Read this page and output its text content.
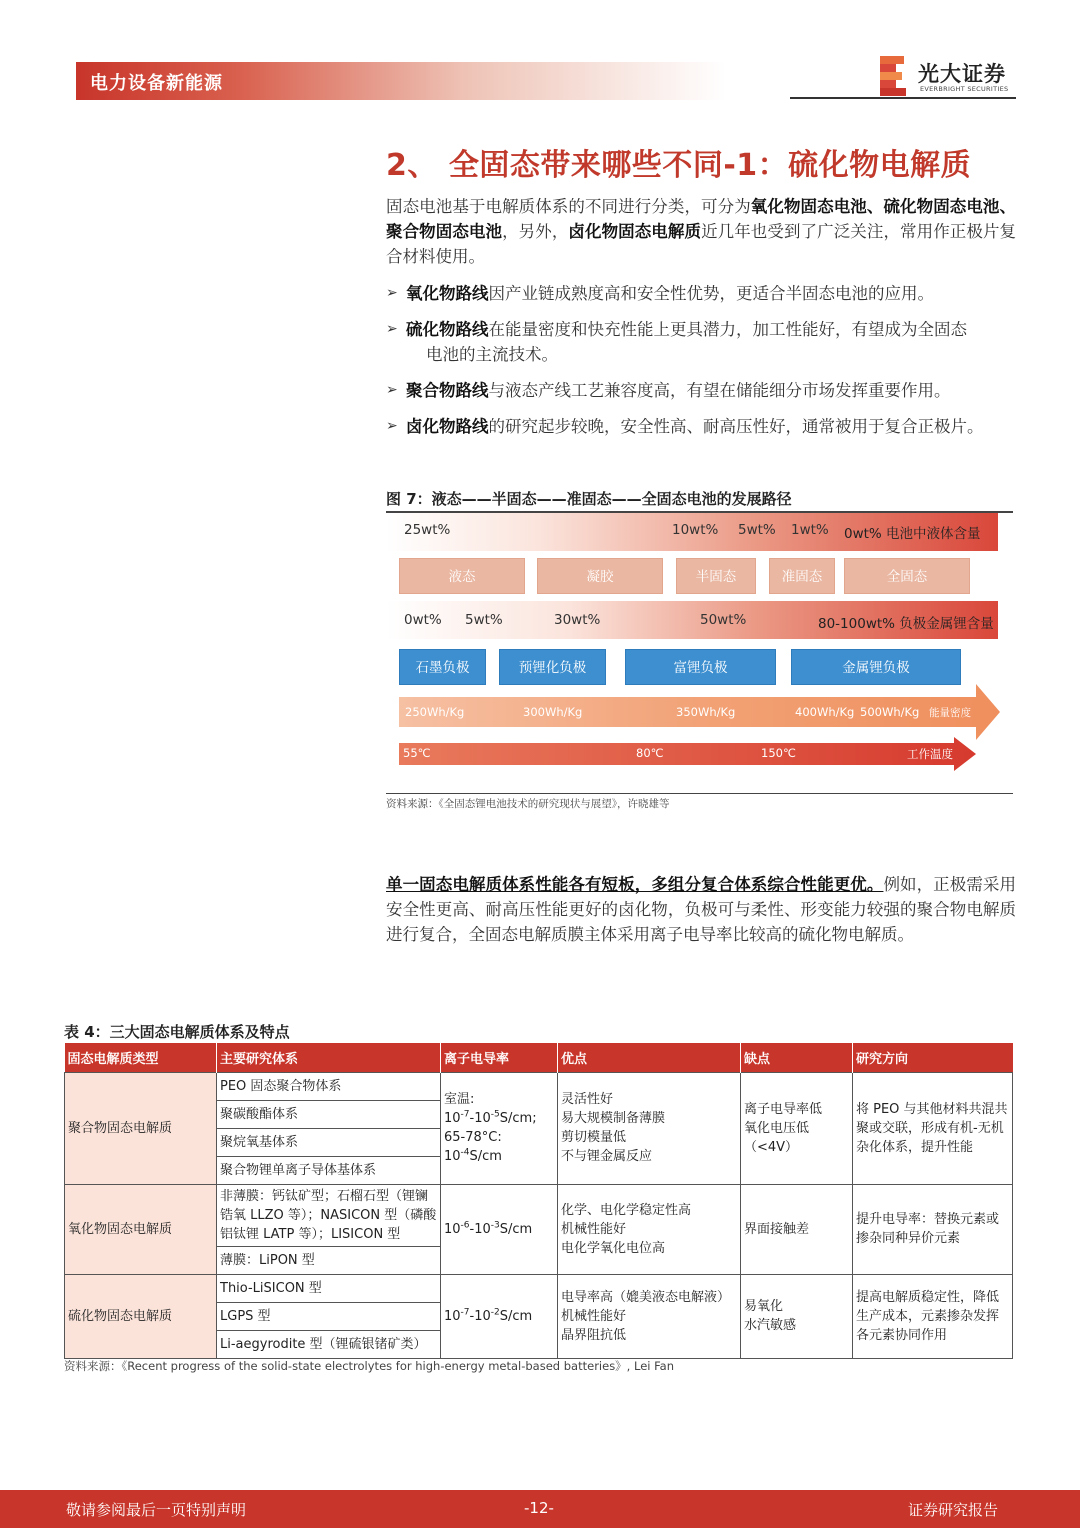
电力设备新能源	光大证券
EVERBRIGHT SECURITIES
2、 全固态带来哪些不同-1：硫化物电解质
固态电池基于电解质体系的不同进行分类，可分为氧化物固态电池、硫化物固态电池、聚合物固态电池，另外，卤化物固态电解质近几年也受到了广泛关注，常用作正极片复合材料使用。
➢ 氧化物路线因产业链成熟度高和安全性优势，更适合半固态电池的应用。
➢ 硫化物路线在能量密度和快充性能上更具潜力，加工性能好，有望成为全固态
电池的主流技术。
➢ 聚合物路线与液态产线工艺兼容度高，有望在储能细分市场发挥重要作用。
➢ 卤化物路线的研究起步较晚，安全性高、耐高压性好，通常被用于复合正极片。
图 7：液态——半固态——准固态——全固态电池的发展路径
25wt%	10wt% 5wt% 1wt% 0wt% 电池中液体含量
液态	凝胶	半固态	准固态	全固态
0wt% 5wt%	30wt%	50wt%	80-100wt% 负极金属锂含量
石墨负极	预锂化负极	富锂负极	金属锂负极
250Wh/Kg	300Wh/Kg	350Wh/Kg	400Wh/Kg 500Wh/Kg 能量密度
55℃	80℃	150℃	工作温度
资料来源：《全固态锂电池技术的研究现状与展望》，许晓雄等
单一固态电解质体系性能各有短板，多组分复合体系综合性能更优。例如，正极需采用安全性更高、耐高压性能更好的卤化物，负极可与柔性、形变能力较强的聚合物电解质进行复合，全固态电解质膜主体采用离子电导率比较高的硫化物电解质。
表 4：三大固态电解质体系及特点
固态电解质类型	主要研究体系	离子电导率	优点	缺点	研究方向
聚合物固态电解质	PEO 固态聚合物体系	室温:
$10^{-7}-10^{-5}S/cm$;
65-78°C:
$10^{-4}S/cm$	灵活性好
易大规模制备薄膜
剪切模量低
不与锂金属反应	离子电导率低
氧化电压低（<4V）	将 PEO 与其他材料共混共聚或交联，形成有机-无机杂化体系，提升性能
	聚碳酸酯体系				
	聚烷氧基体系				
	聚合物锂单离子导体基体系				
氧化物固态电解质	非薄膜：钙钛矿型；石榴石型（锂镧锆氧 LLZO 等）；NASICON 型（磷酸铝钛锂 LATP 等）；LISICON 型	$10^{-6}-10^{-3}S/cm$	化学、电化学稳定性高
机械性能好
电化学氧化电位高	界面接触差	提升电导率：替换元素或掺杂同种异价元素
	薄膜：LiPON 型				
硫化物固态电解质	Thio-LiSICON 型	$10^{-7}-10^{-2}S/cm$	电导率高（媲美液态电解液）
机械性能好
晶界阻抗低	易氧化
水汽敏感	提高电解质稳定性，降低生产成本，元素掺杂发挥各元素协同作用
	LGPS 型				
	Li-aegyrodite 型（锂硫银锗矿类）				
资料来源：《Recent progress of the solid-state electrolytes for high-energy metal-based batteries》, Lei Fan
敬请参阅最后一页特别声明	-12-	证券研究报告
